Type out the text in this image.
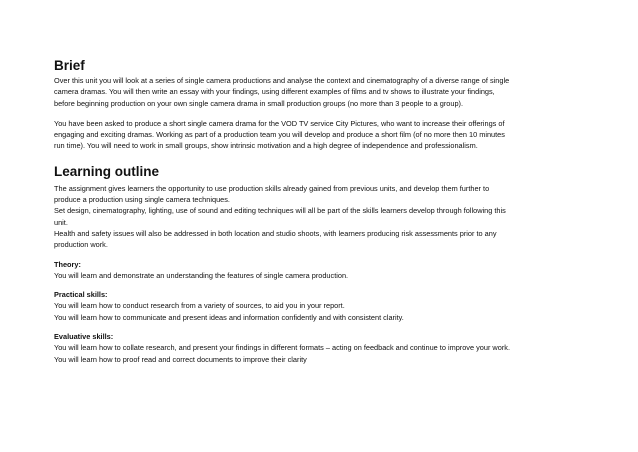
Brief

Over this unit you will look at a series of single camera productions and analyse the context and cinematography of a diverse range of single

camera dramas. You will then write an essay with your findings, using different examples of films and tv shows to illustrate your findings,

before beginning production on your own single camera drama in small production groups (no more than 3 people to a group).

You have been asked to produce a short single camera drama for the VOD TV service City Pictures, who want to increase their offerings of

engaging and exciting dramas. Working as part of a production team you will develop and produce a short film (of no more then 10 minutes

run time). You will need to work in small groups, show intrinsic motivation and a high degree of independence and professionalism.

Learning outline

The assignment gives learners the opportunity to use production skills already gained from previous units, and develop them further to

produce a production using single camera techniques.

Set design, cinematography, lighting, use of sound and editing techniques will all be part of the skills learners develop through following this

unit.

Health and safety issues will also be addressed in both location and studio shoots, with learners producing risk assessments prior to any

production work.

Theory:

You will learn and demonstrate an understanding the features of single camera production.

Practical skills:

You will learn how to conduct research from a variety of sources, to aid you in your report.

You will learn how to communicate and present ideas and information confidently and with consistent clarity.

Evaluative skills:

You will learn how to collate research, and present your findings in different formats – acting on feedback and continue to improve your work.

You will learn how to proof read and correct documents to improve their clarity
